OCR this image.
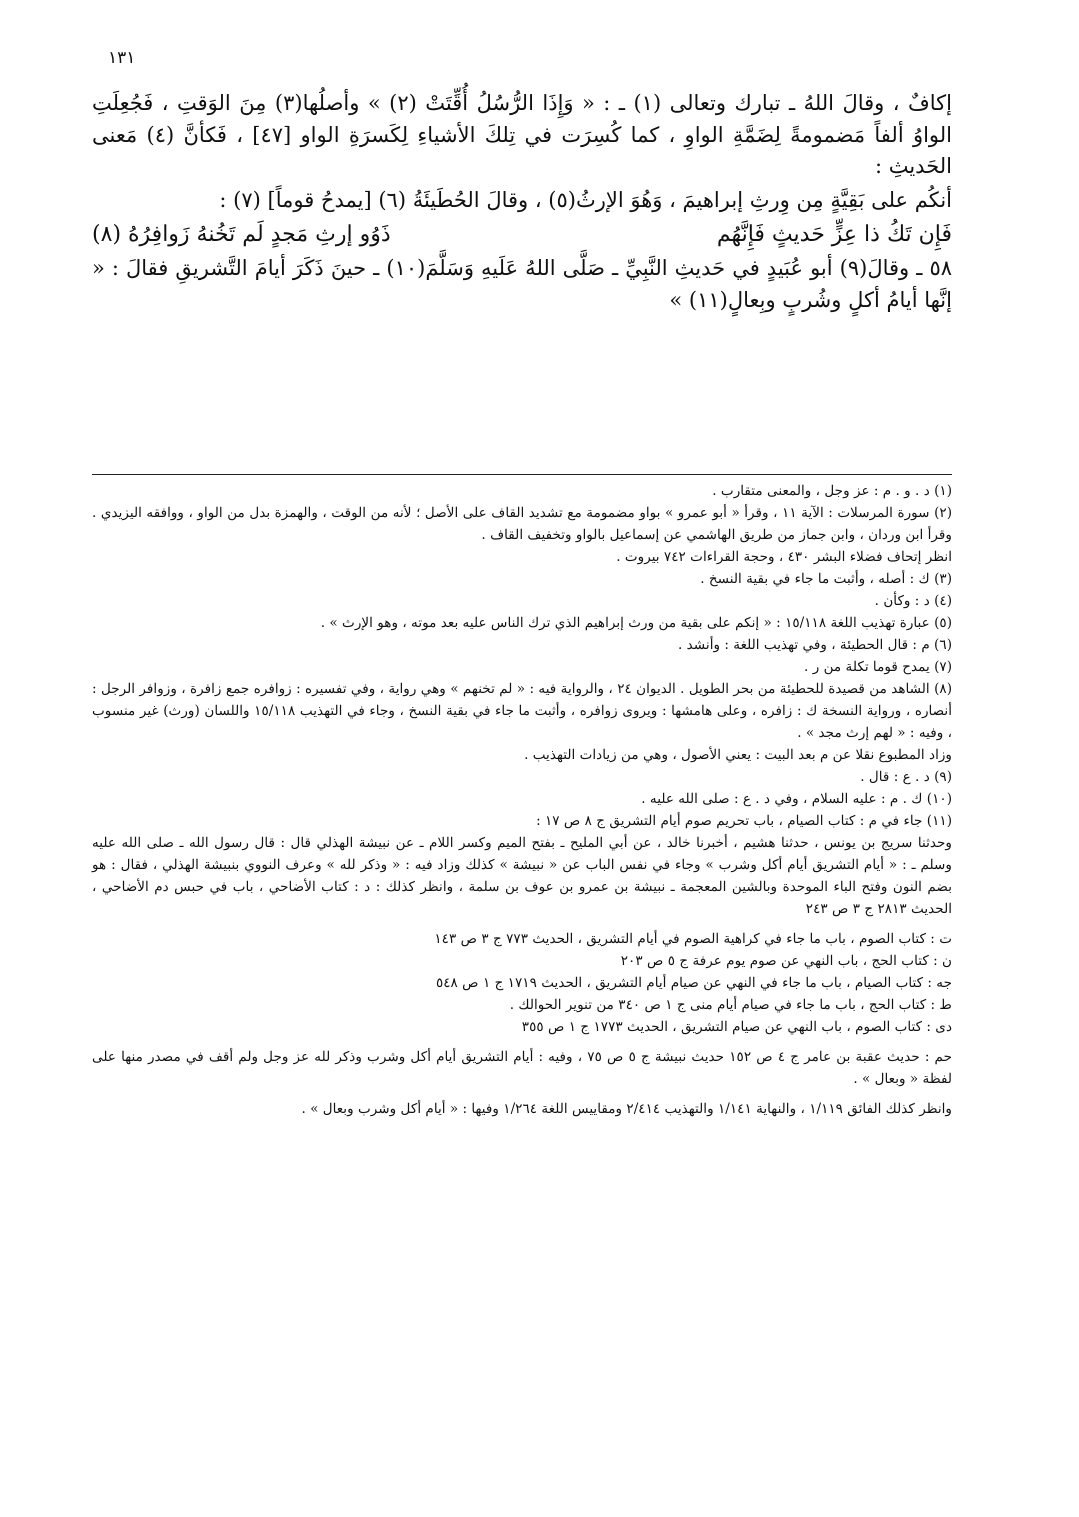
١٣١

إكافٌ ، وقالَ اللهُ ـ تبارك وتعالى (١) ـ : « وَإِذَا الرُّسُلُ أُقِّتَتْ (٢) » وأصلُها(٣) مِنَ الوَقتِ ، فَجُعِلَتِ الواوُ ألفاً مَضمومةً لِضَمَّةِ الواوِ ، كما كُسِرَت في تِلكَ الأشياءِ لِكَسرَةِ الواو [٤٧] ، فَكأنَّ (٤) مَعنى الحَديثِ :

أنكُم على بَقِيَّةٍ مِن وِرثِ إبراهيمَ ، وَهُوَ الإرثُ(٥) ، وقالَ الحُطَيئَةُ (٦) [يمدحُ قوماً] (٧) :

فَإِن تَكُ ذا عِزٍّ حَديثٍ فَإِنَّهُم
ذَوُو إرثِ مَجدٍ لَم تَخُنهُ زَوافِرُهُ (٨)

٥٨ ـ وقالَ(٩) أبو عُبَيدٍ في حَديثِ النَّبِيِّ ـ صَلَّى اللهُ عَلَيهِ وَسَلَّمَ(١٠) ـ حينَ ذَكَرَ أيامَ التَّشريقِ فقالَ : « إنَّها أيامُ أكلٍ وشُربٍ وبِعالٍ(١١) »

(١) د . و . م : عز وجل ، والمعنى متقارب .

(٢) سورة المرسلات : الآية ١١ ، وقرأ « أبو عمرو » بواو مضمومة مع تشديد القاف على الأصل ؛ لأنه من الوقت ، والهمزة بدل من الواو ، ووافقه اليزيدي . وقرأ ابن وردان ، وابن جماز من طريق الهاشمي عن إسماعيل بالواو وتخفيف القاف .

انظر إتحاف فضلاء البشر ٤٣٠ ، وحجة القراءات ٧٤٢ بيروت .

(٣) ك : أصله ، وأثبت ما جاء في بقية النسخ .

(٤) د : وكأن .

(٥) عبارة تهذيب اللغة ١٥/١١٨ : « إنكم على بقية من ورث إبراهيم الذي ترك الناس عليه بعد موته ، وهو الإرث » .

(٦) م : قال الحطيئة ، وفي تهذيب اللغة : وأنشد .

(٧) يمدح قوما تكلة من ر .

(٨) الشاهد من قصيدة للحطيئة من بحر الطويل . الديوان ٢٤ ، والرواية فيه : « لم تخنهم » وهي رواية ، وفي تفسيره : زوافره جمع زافرة ، وزوافر الرجل : أنصاره ، ورواية النسخة ك : زافره ، وعلى هامشها : ويروى زوافره ، وأثبت ما جاء في بقية النسخ ، وجاء في التهذيب ١٥/١١٨ واللسان (ورث) غير منسوب ، وفيه : « لهم إرث مجد » .

وزاد المطبوع نقلا عن م بعد البيت : يعني الأصول ، وهي من زيادات التهذيب .

(٩) د . ع : قال .

(١٠) ك . م : عليه السلام ، وفي د . ع : صلى الله عليه .

(١١) جاء في م : كتاب الصيام ، باب تحريم صوم أيام التشريق ج ٨ ص ١٧ :

وحدثنا سريج بن يونس ، حدثنا هشيم ، أخبرنا خالد ، عن أبي المليح ـ بفتح الميم وكسر اللام ـ عن نبيشة الهذلي قال : قال رسول الله ـ صلى الله عليه وسلم ـ : « أيام التشريق أيام أكل وشرب » وجاء في نفس الباب عن « نبيشة » كذلك وزاد فيه : « وذكر لله » وعرف النووي بنبيشة الهذلي ، فقال : هو بضم النون وفتح الباء الموحدة وبالشين المعجمة ـ نبيشة بن عمرو بن عوف بن سلمة ، وانظر كذلك : د : كتاب الأضاحي ، باب في حبس دم الأضاحي ، الحديث ٢٨١٣ ج ٣ ص ٢٤٣

ت : كتاب الصوم ، باب ما جاء في كراهية الصوم في أيام التشريق ، الحديث ٧٧٣ ج ٣ ص ١٤٣

ن : كتاب الحج ، باب النهي عن صوم يوم عرفة ج ٥ ص ٢٠٣

جه : كتاب الصيام ، باب ما جاء في النهي عن صيام أيام التشريق ، الحديث ١٧١٩ ج ١ ص ٥٤٨

ط : كتاب الحج ، باب ما جاء في صيام أيام منى ج ١ ص ٣٤٠ من تنوير الحوالك .

دى : كتاب الصوم ، باب النهي عن صيام التشريق ، الحديث ١٧٧٣ ج ١ ص ٣٥٥

حم : حديث عقبة بن عامر ج ٤ ص ١٥٢ حديث نبيشة ج ٥ ص ٧٥ ، وفيه : أيام التشريق أيام أكل وشرب وذكر لله عز وجل ولم أقف في مصدر منها على لفظة « وبعال » .

وانظر كذلك الفائق ١/١١٩ ، والنهاية ١/١٤١ والتهذيب ٢/٤١٤ ومقاييس اللغة ١/٢٦٤ وفيها : « أيام أكل وشرب وبعال » .
